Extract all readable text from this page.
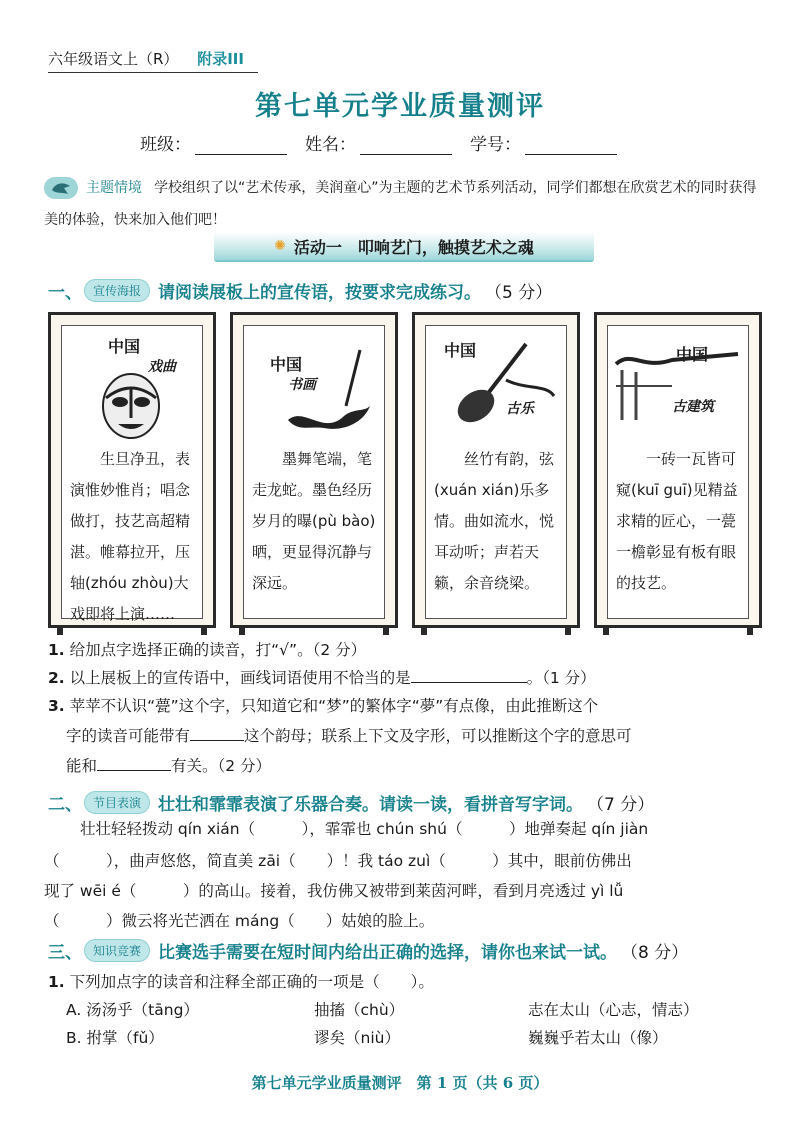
六年级语文上（R） 附录III
第七单元学业质量测评
班级：	姓名：	学号：
主题情境 学校组织了以“艺术传承，美润童心”为主题的艺术节系列活动，同学们都想在欣赏艺术的同时获得美的体验，快来加入他们吧！
✺ 活动一　叩响艺门，触摸艺术之魂
一、 宣传海报	请阅读展板上的宣传语，按要求完成练习。 （5 分）
中国
戏曲
生旦净丑，表演惟妙惟肖；唱念做打，技艺高超精湛。帷幕拉开，压轴(zhóu zhòu)大戏即将上演……
中国
书画
墨舞笔端，笔走龙蛇。墨色经历岁月的曝(pù bào)晒，更显得沉静与深远。
中国
古乐
丝竹有韵，弦(xuán xián)乐多情。曲如流水，悦耳动听；声若天籁，余音绕梁。
中国
古建筑
一砖一瓦皆可窥(kuī guī)见精益求精的匠心，一甍一檐彰显有板有眼的技艺。
1. 给加点字选择正确的读音，打“√”。（2 分）
2. 以上展板上的宣传语中，画线词语使用不恰当的是	。（1 分）
3. 苹苹不认识“甍”这个字，只知道它和“梦”的繁体字“夢”有点像，由此推断这个
字的读音可能带有	这个韵母；联系上下文及字形，可以推断这个字的意思可
能和	有关。（2 分）
二、 节目表演	壮壮和霏霏表演了乐器合奏。请读一读，看拼音写字词。 （7 分）
壮壮轻轻拨动 qín xián（　　　），霏霏也 chún shú（　　　）地弹奏起 qín jiàn
（　　　），曲声悠悠，简直美 zāi（　　）！我 táo zuì（　　　）其中，眼前仿佛出
现了 wēi é（　　　）的高山。接着，我仿佛又被带到莱茵河畔，看到月亮透过 yì lǚ
（　　　）微云将光芒洒在 máng（　　）姑娘的脸上。
三、 知识竞赛	比赛选手需要在短时间内给出正确的选择，请你也来试一试。 （8 分）
1. 下列加点字的读音和注释全部正确的一项是（　　）。
A. 汤汤乎（tāng）	抽搐（chù）	志在太山（心志，情志）
B. 拊掌（fǔ）	谬矣（niù）	巍巍乎若太山（像）
第七单元学业质量测评　第 1 页（共 6 页）
